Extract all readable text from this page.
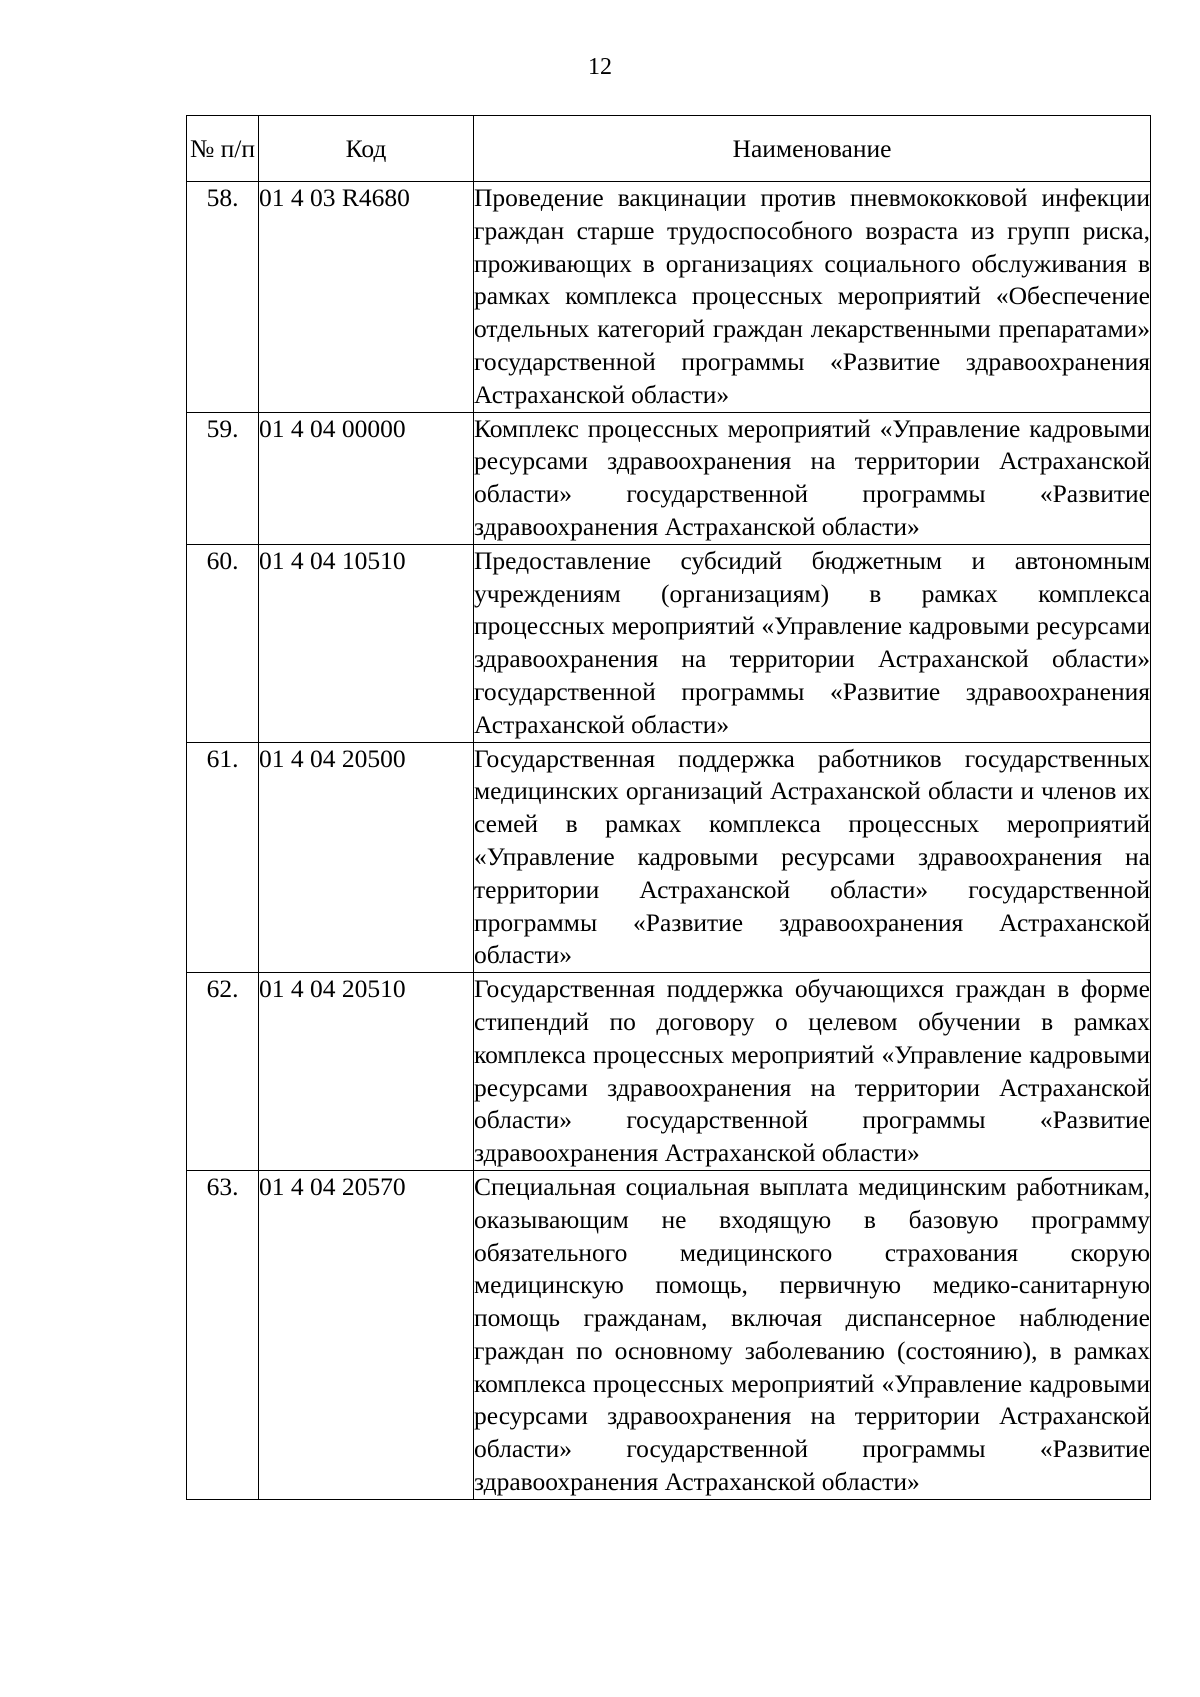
12
№ п/п	Код	Наименование
58.	01 4 03 R4680	Проведение вакцинации против пневмококковой инфекции граждан старше трудоспособного возраста из групп риска, проживающих в организациях социального обслуживания в рамках комплекса процессных мероприятий «Обеспечение отдельных категорий граждан лекарственными препаратами» государственной программы «Развитие здравоохранения Астраханской области»
59.	01 4 04 00000	Комплекс процессных мероприятий «Управление кадровыми ресурсами здравоохранения на территории Астраханской области» государственной программы «Развитие здравоохранения Астраханской области»
60.	01 4 04 10510	Предоставление субсидий бюджетным и автономным учреждениям (организациям) в рамках комплекса процессных мероприятий «Управление кадровыми ресурсами здравоохранения на территории Астраханской области» государственной программы «Развитие здравоохранения Астраханской области»
61.	01 4 04 20500	Государственная поддержка работников государственных медицинских организаций Астраханской области и членов их семей в рамках комплекса процессных мероприятий «Управление кадровыми ресурсами здравоохранения на территории Астраханской области» государственной программы «Развитие здравоохранения Астраханской области»
62.	01 4 04 20510	Государственная поддержка обучающихся граждан в форме стипендий по договору о целевом обучении в рамках комплекса процессных мероприятий «Управление кадровыми ресурсами здравоохранения на территории Астраханской области» государственной программы «Развитие здравоохранения Астраханской области»
63.	01 4 04 20570	Специальная социальная выплата медицинским работникам, оказывающим не входящую в базовую программу обязательного медицинского страхования скорую медицинскую помощь, первичную медико-санитарную помощь гражданам, включая диспансерное наблюдение граждан по основному заболеванию (состоянию), в рамках комплекса процессных мероприятий «Управление кадровыми ресурсами здравоохранения на территории Астраханской области» государственной программы «Развитие здравоохранения Астраханской области»
